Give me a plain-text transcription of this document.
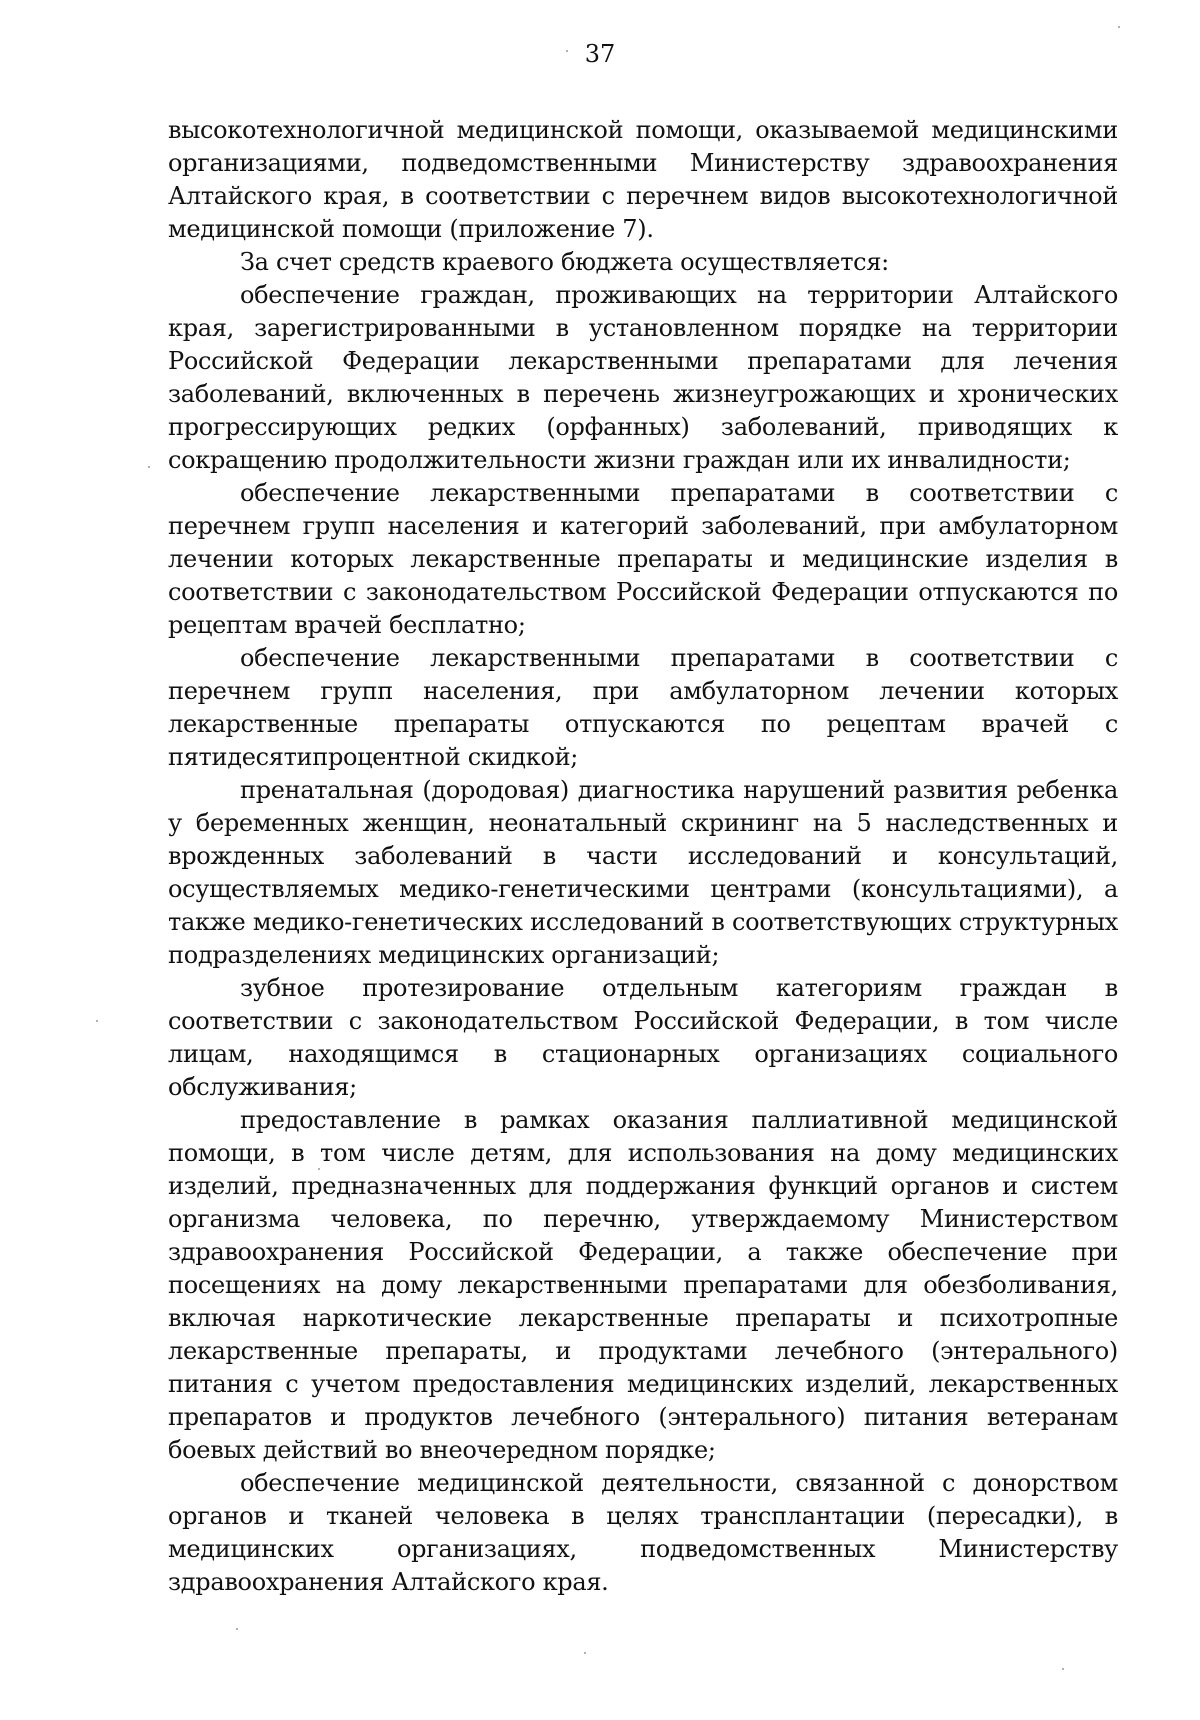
37

высокотехнологичной медицинской помощи, оказываемой медицинскими организациями, подведомственными Министерству здравоохранения Алтайского края, в соответствии с перечнем видов высокотехнологичной медицинской помощи (приложение 7).

За счет средств краевого бюджета осуществляется:

обеспечение граждан, проживающих на территории Алтайского края, зарегистрированными в установленном порядке на территории Российской Федерации лекарственными препаратами для лечения заболеваний, включенных в перечень жизнеугрожающих и хронических прогрессирующих редких (орфанных) заболеваний, приводящих к сокращению продолжительности жизни граждан или их инвалидности;

обеспечение лекарственными препаратами в соответствии с перечнем групп населения и категорий заболеваний, при амбулаторном лечении которых лекарственные препараты и медицинские изделия в соответствии с законодательством Российской Федерации отпускаются по рецептам врачей бесплатно;

обеспечение лекарственными препаратами в соответствии с перечнем групп населения, при амбулаторном лечении которых лекарственные препараты отпускаются по рецептам врачей с пятидесятипроцентной скидкой;

пренатальная (дородовая) диагностика нарушений развития ребенка у беременных женщин, неонатальный скрининг на 5 наследственных и врожденных заболеваний в части исследований и консультаций, осуществляемых медико-генетическими центрами (консультациями), а также медико-генетических исследований в соответствующих структурных подразделениях медицинских организаций;

зубное протезирование отдельным категориям граждан в соответствии с законодательством Российской Федерации, в том числе лицам, находящимся в стационарных организациях социального обслуживания;

предоставление в рамках оказания паллиативной медицинской помощи, в том числе детям, для использования на дому медицинских изделий, предназначенных для поддержания функций органов и систем организма человека, по перечню, утверждаемому Министерством здравоохранения Российской Федерации, а также обеспечение при посещениях на дому лекарственными препаратами для обезболивания, включая наркотические лекарственные препараты и психотропные лекарственные препараты, и продуктами лечебного (энтерального) питания с учетом предоставления медицинских изделий, лекарственных препаратов и продуктов лечебного (энтерального) питания ветеранам боевых действий во внеочередном порядке;

обеспечение медицинской деятельности, связанной с донорством органов и тканей человека в целях трансплантации (пересадки), в медицинских организациях, подведомственных Министерству здравоохранения Алтайского края.
